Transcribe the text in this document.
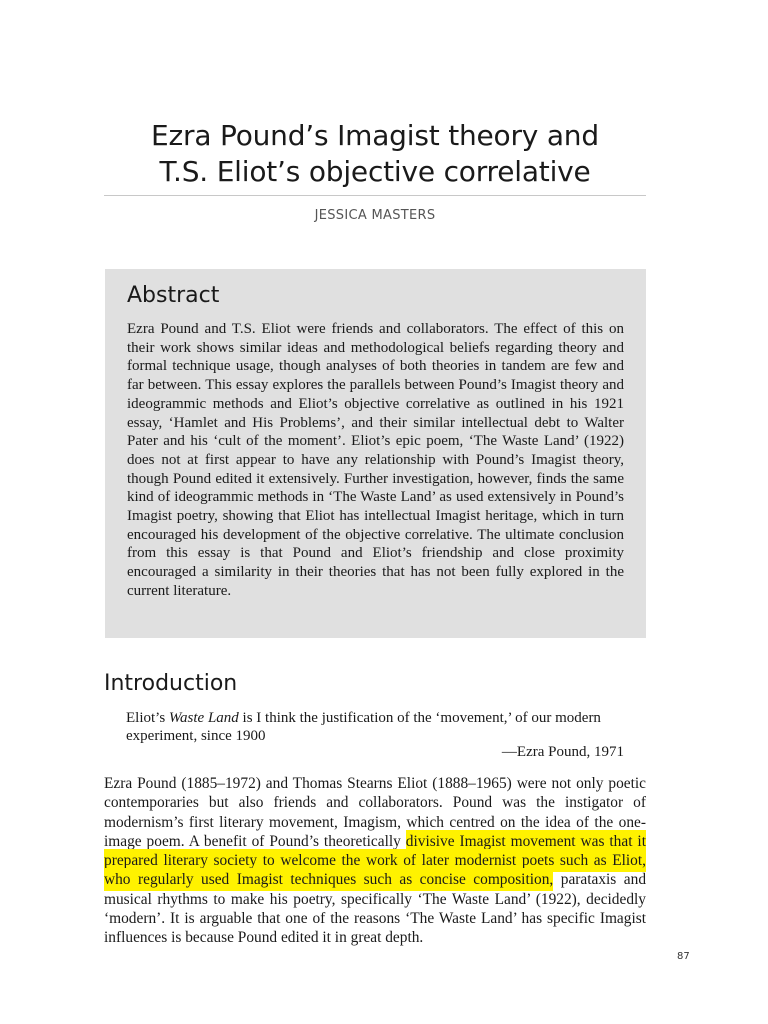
Ezra Pound’s Imagist theory and
T.S. Eliot’s objective correlative
JESSICA MASTERS
Abstract

Ezra Pound and T.S. Eliot were friends and collaborators. The effect of this on their work shows similar ideas and methodological beliefs regarding theory and formal technique usage, though analyses of both theories in tandem are few and far between. This essay explores the parallels between Pound’s Imagist theory and ideogrammic methods and Eliot’s objective correlative as outlined in his 1921 essay, ‘Hamlet and His Problems’, and their similar intellectual debt to Walter Pater and his ‘cult of the moment’. Eliot’s epic poem, ‘The Waste Land’ (1922) does not at first appear to have any relationship with Pound’s Imagist theory, though Pound edited it extensively. Further investigation, however, finds the same kind of ideogrammic methods in ‘The Waste Land’ as used extensively in Pound’s Imagist poetry, showing that Eliot has intellectual Imagist heritage, which in turn encouraged his development of the objective correlative. The ultimate conclusion from this essay is that Pound and Eliot’s friendship and close proximity encouraged a similarity in their theories that has not been fully explored in the current literature.

Introduction
Eliot’s Waste Land is I think the justification of the ‘movement,’ of our modern experiment, since 1900
—Ezra Pound, 1971

Ezra Pound (1885–1972) and Thomas Stearns Eliot (1888–1965) were not only poetic contemporaries but also friends and collaborators. Pound was the instigator of modernism’s first literary movement, Imagism, which centred on the idea of the one-image poem. A benefit of Pound’s theoretically divisive Imagist movement was that it prepared literary society to welcome the work of later modernist poets such as Eliot, who regularly used Imagist techniques such as concise composition, parataxis and musical rhythms to make his poetry, specifically ‘The Waste Land’ (1922), decidedly ‘modern’. It is arguable that one of the reasons ‘The Waste Land’ has specific Imagist influences is because Pound edited it in great depth.

87
